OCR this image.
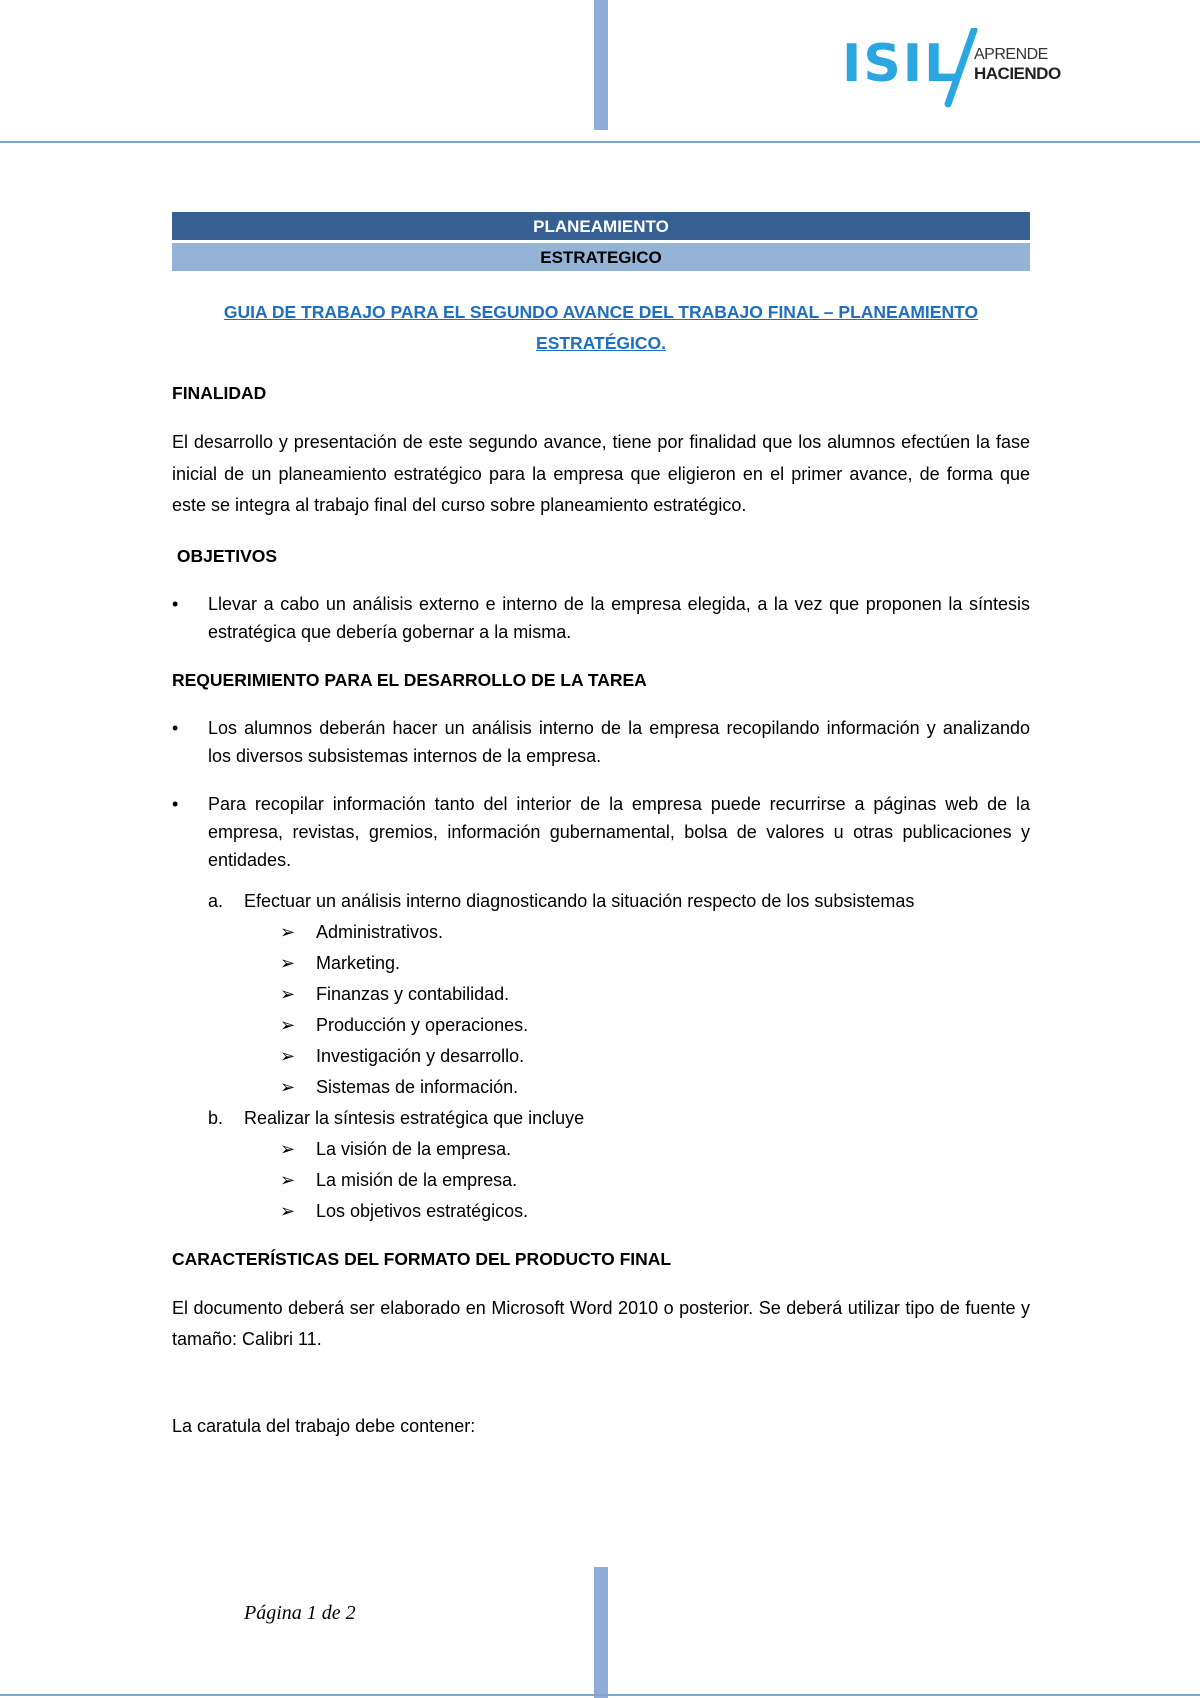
ISIL APRENDE
HACIENDO
PLANEAMIENTO
ESTRATEGICO
GUIA DE TRABAJO PARA EL SEGUNDO AVANCE DEL TRABAJO FINAL – PLANEAMIENTO
ESTRATÉGICO.
FINALIDAD

El desarrollo y presentación de este segundo avance, tiene por finalidad que los alumnos efectúen la fase inicial de un planeamiento estratégico para la empresa que eligieron en el primer avance, de forma que este se integra al trabajo final del curso sobre planeamiento estratégico.

OBJETIVOS
• Llevar a cabo un análisis externo e interno de la empresa elegida, a la vez que proponen la síntesis estratégica que debería gobernar a la misma.
REQUERIMIENTO PARA EL DESARROLLO DE LA TAREA
• Los alumnos deberán hacer un análisis interno de la empresa recopilando información y analizando los diversos subsistemas internos de la empresa.
• Para recopilar información tanto del interior de la empresa puede recurrirse a páginas web de la empresa, revistas, gremios, información gubernamental, bolsa de valores u otras publicaciones y entidades.
a. Efectuar un análisis interno diagnosticando la situación respecto de los subsistemas
➢ Administrativos.
➢ Marketing.
➢ Finanzas y contabilidad.
➢ Producción y operaciones.
➢ Investigación y desarrollo.
➢ Sistemas de información.
b. Realizar la síntesis estratégica que incluye
➢ La visión de la empresa.
➢ La misión de la empresa.
➢ Los objetivos estratégicos.
CARACTERÍSTICAS DEL FORMATO DEL PRODUCTO FINAL

El documento deberá ser elaborado en Microsoft Word 2010 o posterior. Se deberá utilizar tipo de fuente y tamaño: Calibri 11.

La caratula del trabajo debe contener:

Página 1 de 2
